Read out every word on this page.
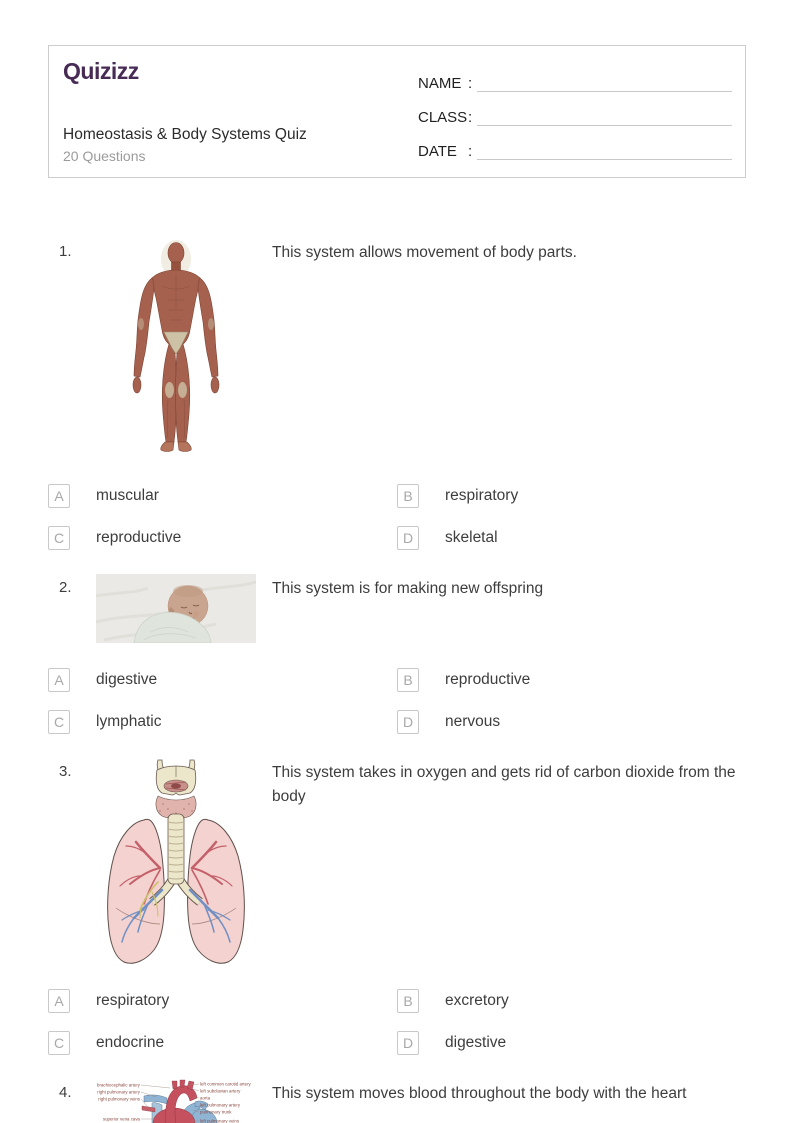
Quizizz
Homeostasis & Body Systems Quiz
20 Questions
NAME :
CLASS :
DATE :
1.	This system allows movement of body parts.
A	muscular	B	respiratory
C	reproductive	D	skeletal
2.	This system is for making new offspring
A	digestive	B	reproductive
C	lymphatic	D	nervous
3.	This system takes in oxygen and gets rid of carbon dioxide from the body
A	respiratory	B	excretory
C	endocrine	D	digestive
4.	brachiocephalic artery
right pulmonary artery
right pulmonary veins
superior vena cava
left common carotid artery
left subclavian artery
aorta
left pulmonary artery
pulmonary trunk
left pulmonary veins
This system moves blood throughout the body with the heart
